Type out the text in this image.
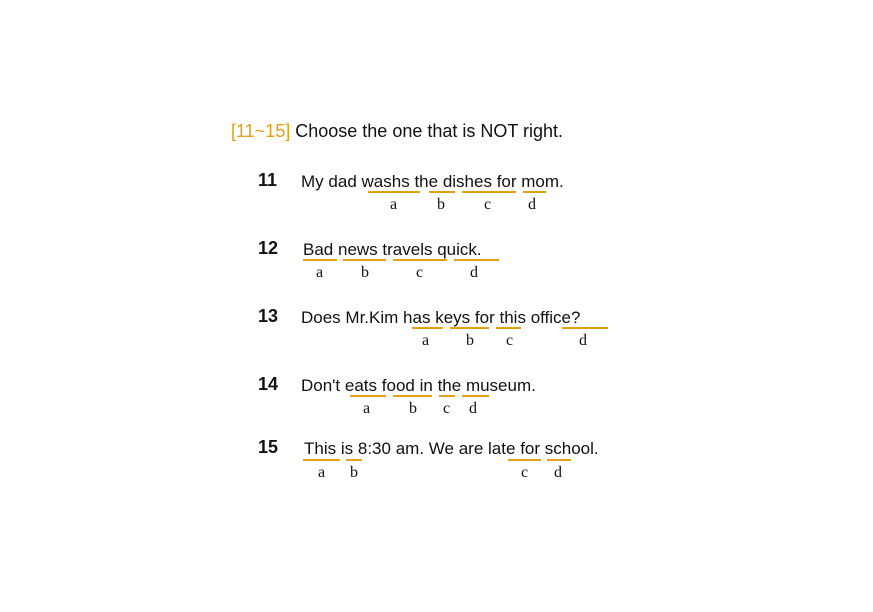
[11~15] Choose the one that is NOT right.
11 My dad washs the dishes for mom.
a b c d
12 Bad news travels quick.
a b	c	d
13 Does Mr.Kim has keys for this office?
a b c	d
14 Don't eats food in the museum.
a b c d
15 This is 8:30 am. We are late for school.
a b	c d
